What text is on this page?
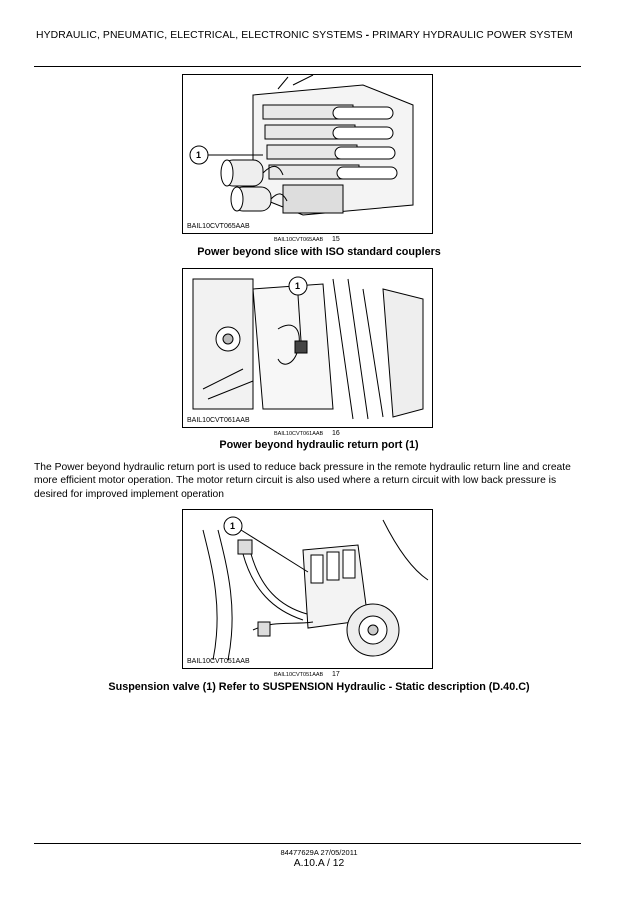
HYDRAULIC, PNEUMATIC, ELECTRICAL, ELECTRONIC SYSTEMS - PRIMARY HYDRAULIC POWER SYSTEM
1
BAIL10CVT065AAB
BAIL10CVT065AAB 15
Power beyond slice with ISO standard couplers
1
BAIL10CVT061AAB
BAIL10CVT061AAB 16
Power beyond hydraulic return port (1)
The Power beyond hydraulic return port is used to reduce back pressure in the remote hydraulic return line and create more efficient motor operation. The motor return circuit is also used where a return circuit with low back pressure is desired for improved implement operation
1
BAIL10CVT051AAB
BAIL10CVT051AAB 17
Suspension valve (1) Refer to SUSPENSION Hydraulic - Static description (D.40.C)
84477629A 27/05/2011
A.10.A / 12
